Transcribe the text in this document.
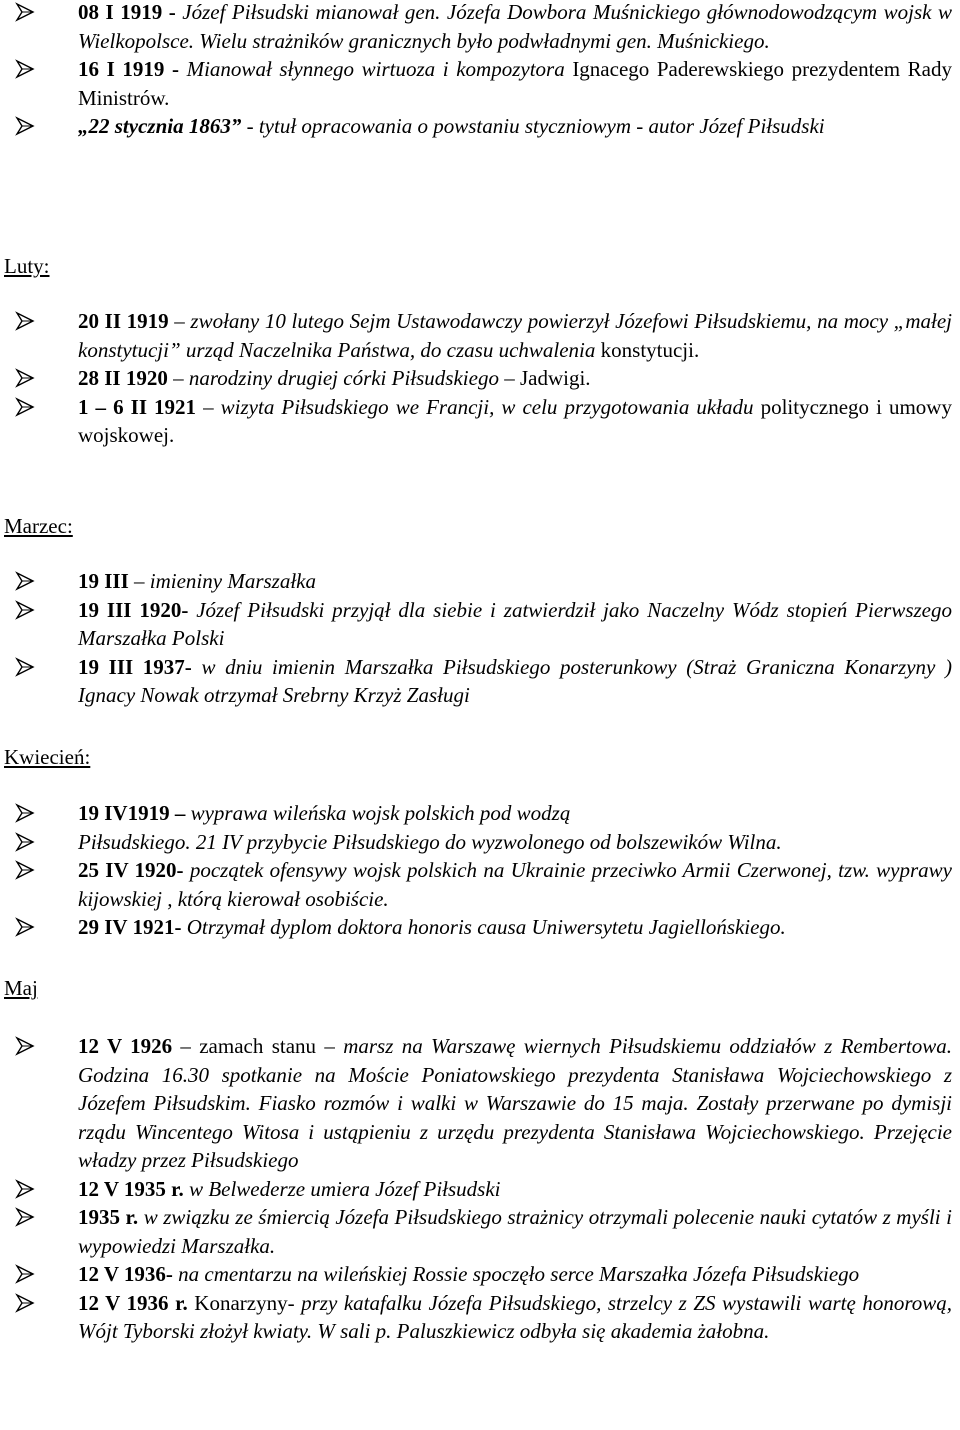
08 I 1919 - Józef Piłsudski mianował gen. Józefa Dowbora Muśnickiego głównodowodzącym wojsk w Wielkopolsce. Wielu strażników granicznych było podwładnymi gen. Muśnickiego.
16 I 1919 - Mianował słynnego wirtuoza i kompozytora Ignacego Paderewskiego prezydentem Rady Ministrów.
„22 stycznia 1863” - tytuł opracowania o powstaniu styczniowym - autor Józef Piłsudski
Luty:
20 II 1919 – zwołany 10 lutego Sejm Ustawodawczy powierzył Józefowi Piłsudskiemu, na mocy „małej konstytucji” urząd Naczelnika Państwa, do czasu uchwalenia konstytucji.
28 II 1920 – narodziny drugiej córki Piłsudskiego – Jadwigi.
1 – 6 II 1921 – wizyta Piłsudskiego we Francji, w celu przygotowania układu politycznego i umowy wojskowej.
Marzec:
19 III – imieniny Marszałka
19 III 1920- Józef Piłsudski przyjął dla siebie i zatwierdził jako Naczelny Wódz stopień Pierwszego Marszałka Polski
19 III 1937- w dniu imienin Marszałka Piłsudskiego posterunkowy (Straż Graniczna Konarzyny ) Ignacy Nowak otrzymał Srebrny Krzyż Zasługi
Kwiecień:
19 IV1919 – wyprawa wileńska wojsk polskich pod wodzą
Piłsudskiego. 21 IV przybycie Piłsudskiego do wyzwolonego od bolszewików Wilna.
25 IV 1920- początek ofensywy wojsk polskich na Ukrainie przeciwko Armii Czerwonej, tzw. wyprawy kijowskiej , którą kierował osobiście.
29 IV 1921- Otrzymał dyplom doktora honoris causa Uniwersytetu Jagiellońskiego.
Maj
12 V 1926 – zamach stanu – marsz na Warszawę wiernych Piłsudskiemu oddziałów z Rembertowa. Godzina 16.30 spotkanie na Moście Poniatowskiego prezydenta Stanisława Wojciechowskiego z Józefem Piłsudskim. Fiasko rozmów i walki w Warszawie do 15 maja. Zostały przerwane po dymisji rządu Wincentego Witosa i ustąpieniu z urzędu prezydenta Stanisława Wojciechowskiego. Przejęcie władzy przez Piłsudskiego
12 V 1935 r. w Belwederze umiera Józef Piłsudski
1935 r. w związku ze śmiercią Józefa Piłsudskiego strażnicy otrzymali polecenie nauki cytatów z myśli i wypowiedzi Marszałka.
12 V 1936- na cmentarzu na wileńskiej Rossie spoczęło serce Marszałka Józefa Piłsudskiego
12 V 1936 r. Konarzyny- przy katafalku Józefa Piłsudskiego, strzelcy z ZS wystawili wartę honorową, Wójt Tyborski złożył kwiaty. W sali p. Paluszkiewicz odbyła się akademia żałobna.
